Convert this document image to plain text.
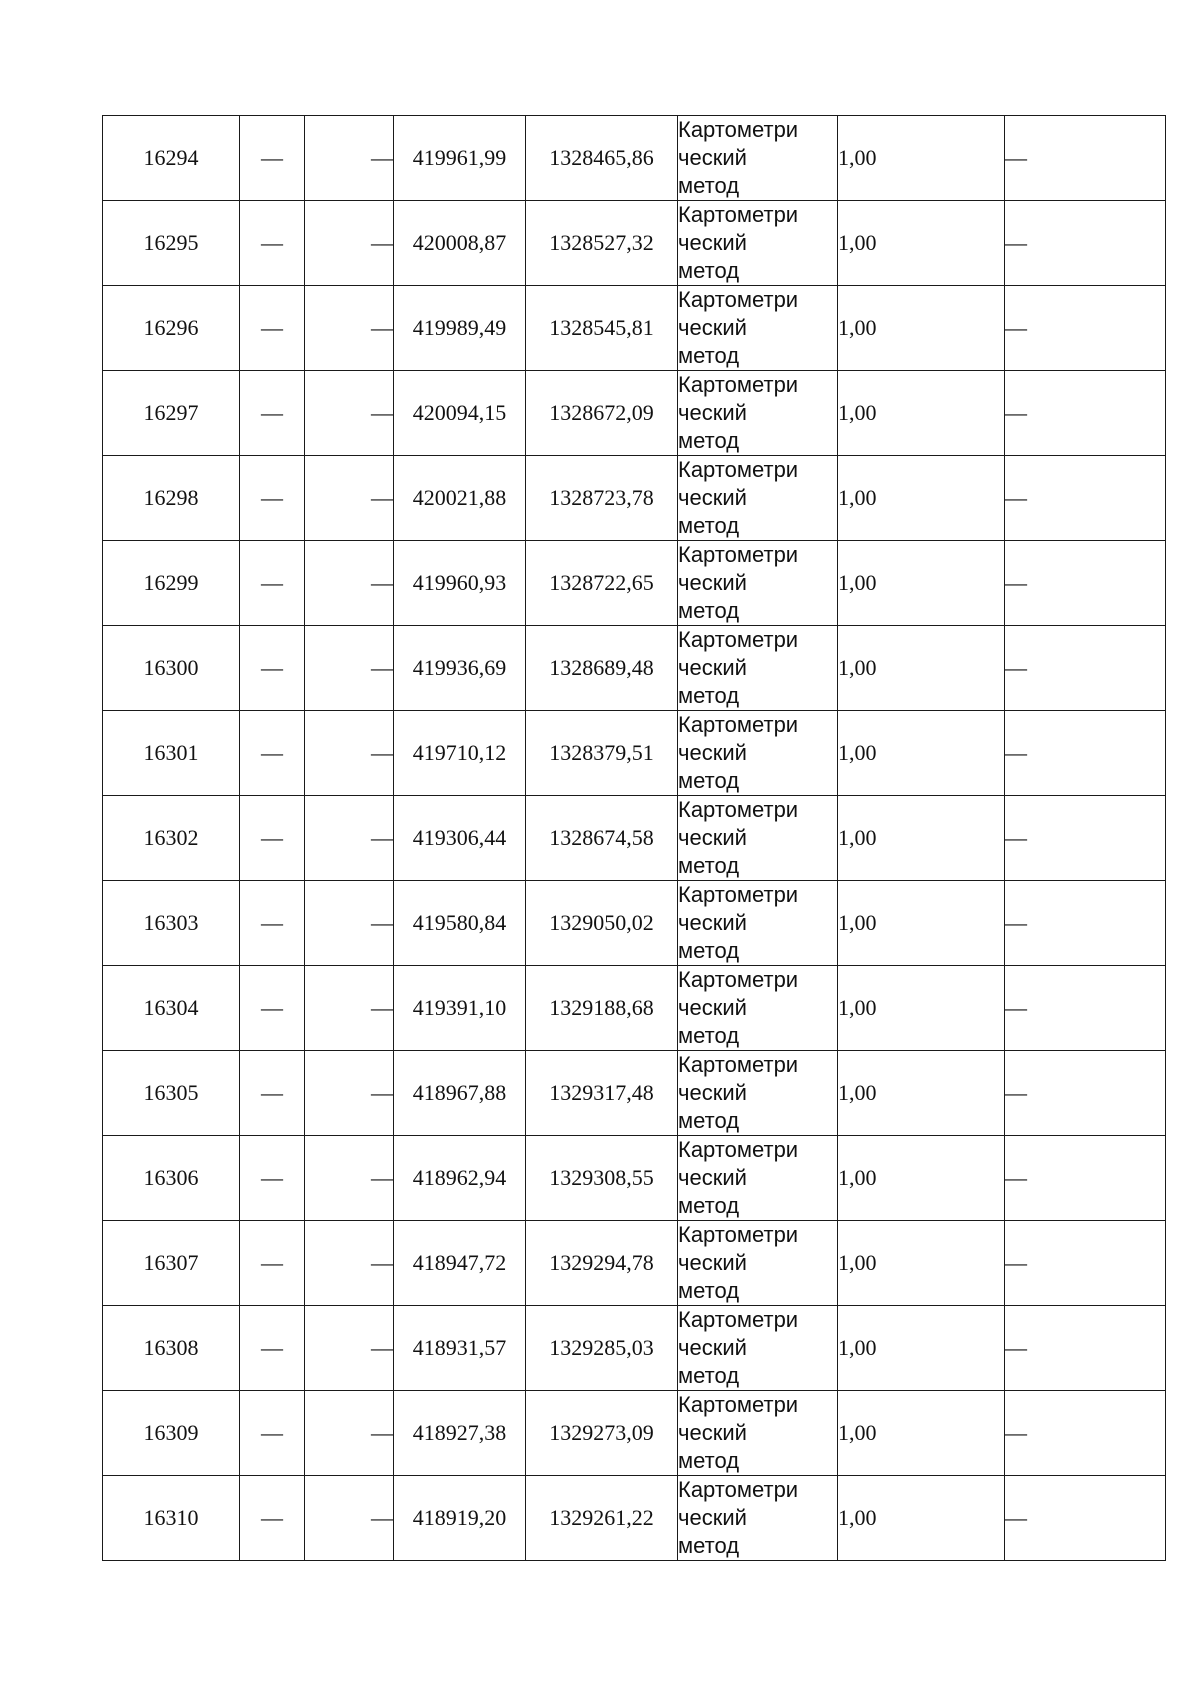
16294	—	—	419961,99	1328465,86	Картометри
ческий
метод	1,00	—
16295	—	—	420008,87	1328527,32	Картометри
ческий
метод	1,00	—
16296	—	—	419989,49	1328545,81	Картометри
ческий
метод	1,00	—
16297	—	—	420094,15	1328672,09	Картометри
ческий
метод	1,00	—
16298	—	—	420021,88	1328723,78	Картометри
ческий
метод	1,00	—
16299	—	—	419960,93	1328722,65	Картометри
ческий
метод	1,00	—
16300	—	—	419936,69	1328689,48	Картометри
ческий
метод	1,00	—
16301	—	—	419710,12	1328379,51	Картометри
ческий
метод	1,00	—
16302	—	—	419306,44	1328674,58	Картометри
ческий
метод	1,00	—
16303	—	—	419580,84	1329050,02	Картометри
ческий
метод	1,00	—
16304	—	—	419391,10	1329188,68	Картометри
ческий
метод	1,00	—
16305	—	—	418967,88	1329317,48	Картометри
ческий
метод	1,00	—
16306	—	—	418962,94	1329308,55	Картометри
ческий
метод	1,00	—
16307	—	—	418947,72	1329294,78	Картометри
ческий
метод	1,00	—
16308	—	—	418931,57	1329285,03	Картометри
ческий
метод	1,00	—
16309	—	—	418927,38	1329273,09	Картометри
ческий
метод	1,00	—
16310	—	—	418919,20	1329261,22	Картометри
ческий
метод	1,00	—
